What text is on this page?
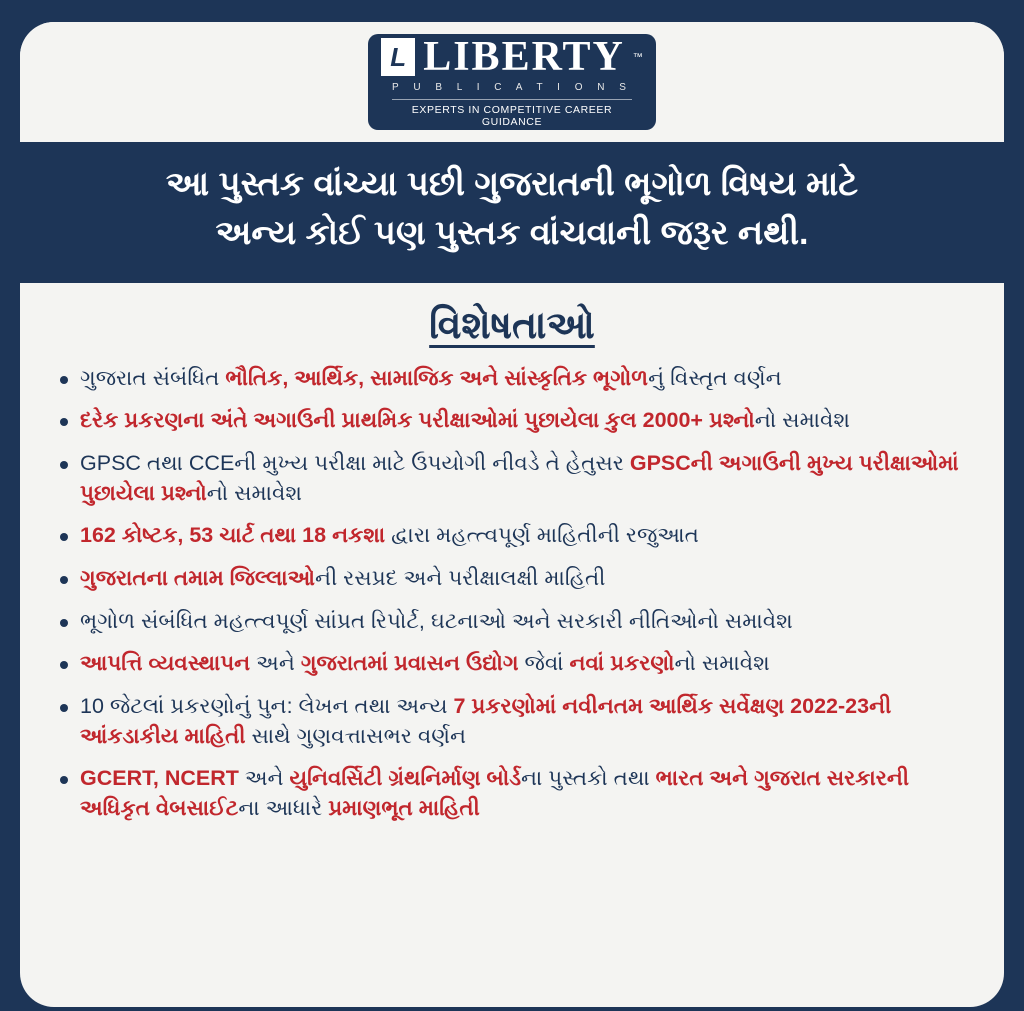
L LIBERTY ™
P U B L I C A T I O N S
EXPERTS IN COMPETITIVE CAREER GUIDANCE
આ પુસ્તક વાંચ્યા પછી ગુજરાતની ભૂગોળ વિષય માટે
અન્ય કોઈ પણ પુસ્તક વાંચવાની જરૂર નથી.
વિશેષતાઓ
ગુજરાત સંબંધિત ભૌતિક, આર્થિક, સામાજિક અને સાંસ્કૃતિક ભૂગોળનું વિસ્તૃત વર્ણન
દરેક પ્રકરણના અંતે અગાઉની પ્રાથમિક પરીક્ષાઓમાં પુછાયેલા કુલ 2000+ પ્રશ્નોનો સમાવેશ
GPSC તથા CCEની મુખ્ય પરીક્ષા માટે ઉપયોગી નીવડે તે હેતુસર GPSCની અગાઉની મુખ્ય પરીક્ષાઓમાં પુછાયેલા પ્રશ્નોનો સમાવેશ
162 કોષ્ટક, 53 ચાર્ટ તથા 18 નકશા દ્વારા મહત્ત્વપૂર્ણ માહિતીની રજુઆત
ગુજરાતના તમામ જિલ્લાઓની રસપ્રદ અને પરીક્ષાલક્ષી માહિતી
ભૂગોળ સંબંધિત મહત્ત્વપૂર્ણ સાંપ્રત રિપોર્ટ, ઘટનાઓ અને સરકારી નીતિઓનો સમાવેશ
આપત્તિ વ્યવસ્થાપન અને ગુજરાતમાં પ્રવાસન ઉદ્યોગ જેવાં નવાં પ્રકરણોનો સમાવેશ
10 જેટલાં પ્રકરણોનું પુન: લેખન તથા અન્ય 7 પ્રકરણોમાં નવીનતમ આર્થિક સર્વેક્ષણ 2022-23ની આંકડાકીય માહિતી સાથે ગુણવત્તાસભર વર્ણન
GCERT, NCERT અને યુનિવર્સિટી ગ્રંથનિર્માણ બોર્ડના પુસ્તકો તથા ભારત અને ગુજરાત સરકારની અધિકૃત વેબસાઈટના આધારે પ્રમાણભૂત માહિતી
